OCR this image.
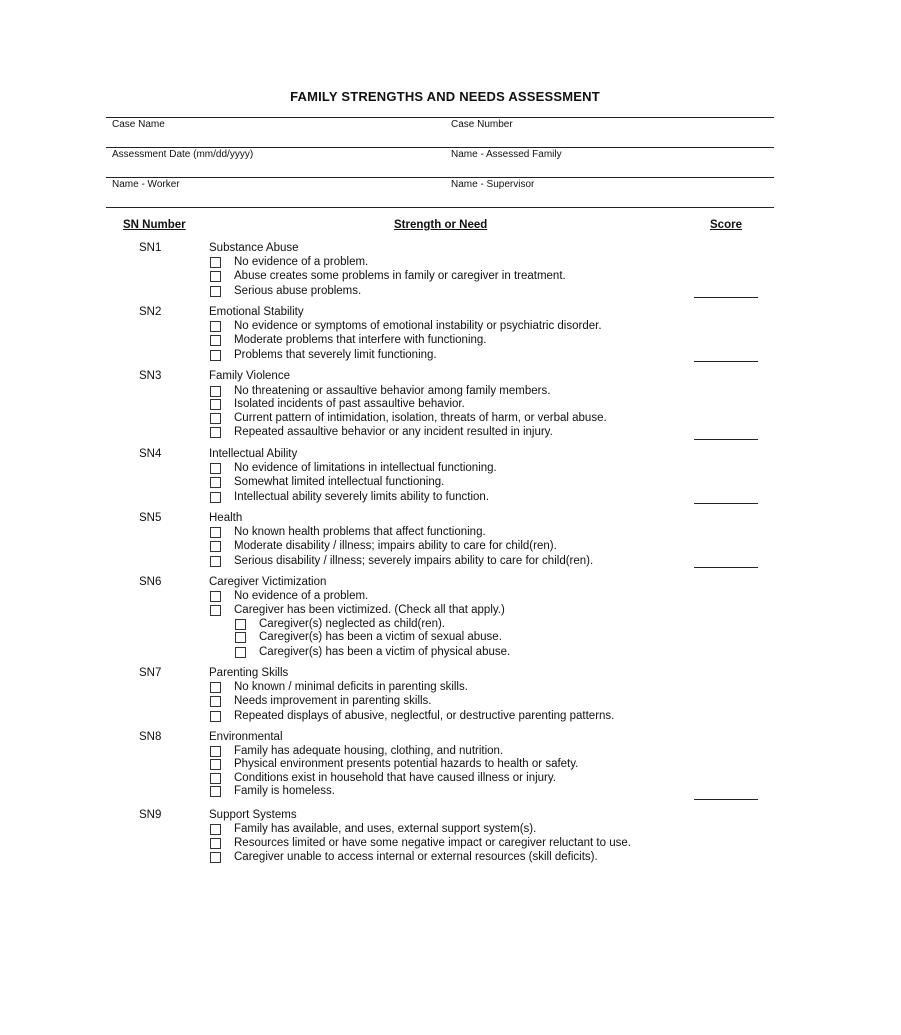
FAMILY STRENGTHS AND NEEDS ASSESSMENT
Case Name	Case Number
Assessment Date (mm/dd/yyyy)	Name - Assessed Family
Name - Worker	Name - Supervisor
SN Number	Strength or Need	Score
SN1	Substance Abuse
No evidence of a problem.
Abuse creates some problems in family or caregiver in treatment.
Serious abuse problems.
SN2	Emotional Stability
No evidence or symptoms of emotional instability or psychiatric disorder.
Moderate problems that interfere with functioning.
Problems that severely limit functioning.
SN3	Family Violence
No threatening or assaultive behavior among family members.
Isolated incidents of past assaultive behavior.
Current pattern of intimidation, isolation, threats of harm, or verbal abuse.
Repeated assaultive behavior or any incident resulted in injury.
SN4	Intellectual Ability
No evidence of limitations in intellectual functioning.
Somewhat limited intellectual functioning.
Intellectual ability severely limits ability to function.
SN5	Health
No known health problems that affect functioning.
Moderate disability / illness; impairs ability to care for child(ren).
Serious disability / illness; severely impairs ability to care for child(ren).
SN6	Caregiver Victimization
No evidence of a problem.
Caregiver has been victimized. (Check all that apply.)
Caregiver(s) neglected as child(ren).
Caregiver(s) has been a victim of sexual abuse.
Caregiver(s) has been a victim of physical abuse.
SN7	Parenting Skills
No known / minimal deficits in parenting skills.
Needs improvement in parenting skills.
Repeated displays of abusive, neglectful, or destructive parenting patterns.
SN8	Environmental
Family has adequate housing, clothing, and nutrition.
Physical environment presents potential hazards to health or safety.
Conditions exist in household that have caused illness or injury.
Family is homeless.
SN9	Support Systems
Family has available, and uses, external support system(s).
Resources limited or have some negative impact or caregiver reluctant to use.
Caregiver unable to access internal or external resources (skill deficits).
